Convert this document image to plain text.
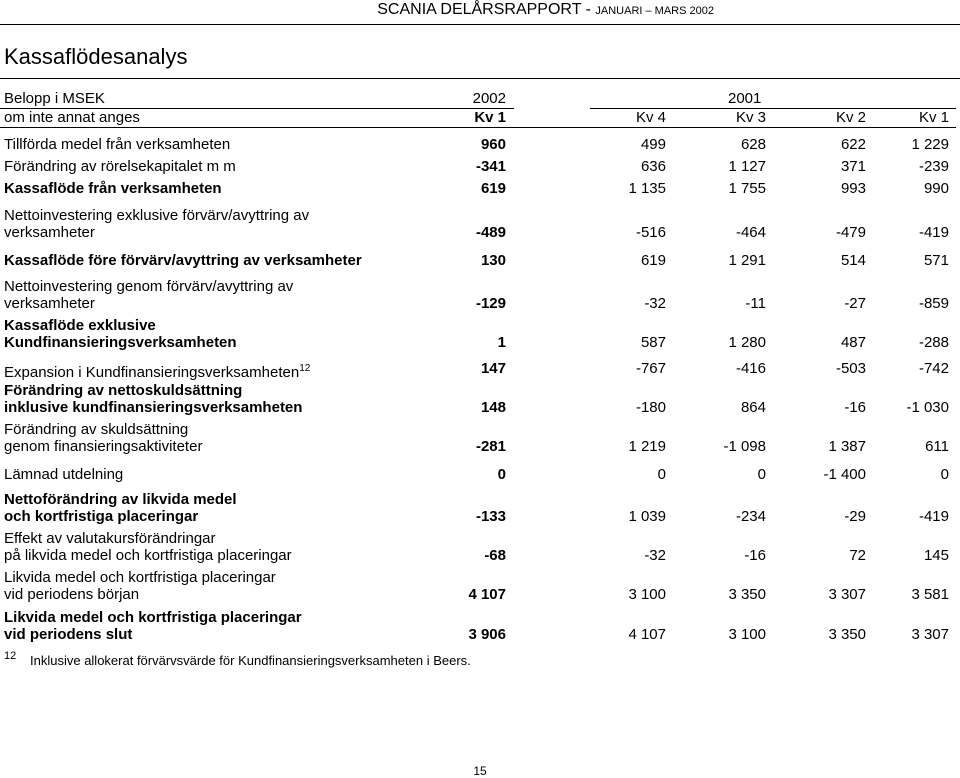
SCANIA DELÅRSRAPPORT - JANUARI – MARS 2002
Kassaflödesanalys
Belopp i MSEK
om inte annat anges
2002	2001
Kv 1	Kv 4	Kv 3	Kv 2	Kv 1
Tillförda medel från verksamheten	960	499	628	622	1 229
Förändring av rörelsekapitalet m m	-341	636	1 127	371	-239
Kassaflöde från verksamheten	619	1 135	1 755	993	990
Nettoinvestering exklusive förvärv/avyttring av
verksamheter	-489	-516	-464	-479	-419
Kassaflöde före förvärv/avyttring av verksamheter	130	619	1 291	514	571
Nettoinvestering genom förvärv/avyttring av
verksamheter	-129	-32	-11	-27	-859
Kassaflöde exklusive
Kundfinansieringsverksamheten	1	587	1 280	487	-288
Expansion i Kundfinansieringsverksamheten$^{12}$	147	-767	-416	-503	-742
Förändring av nettoskuldsättning
inklusive kundfinansieringsverksamheten	148	-180	864	-16	-1 030
Förändring av skuldsättning
genom finansieringsaktiviteter	-281	1 219	-1 098	1 387	611
Lämnad utdelning	0	0	0	-1 400	0
Nettoförändring av likvida medel
och kortfristiga placeringar	-133	1 039	-234	-29	-419
Effekt av valutakursförändringar
på likvida medel och kortfristiga placeringar	-68	-32	-16	72	145
Likvida medel och kortfristiga placeringar
vid periodens början	4 107	3 100	3 350	3 307	3 581
Likvida medel och kortfristiga placeringar
vid periodens slut	3 906	4 107	3 100	3 350	3 307
12 Inklusive allokerat förvärvsvärde för Kundfinansieringsverksamheten i Beers.
15
